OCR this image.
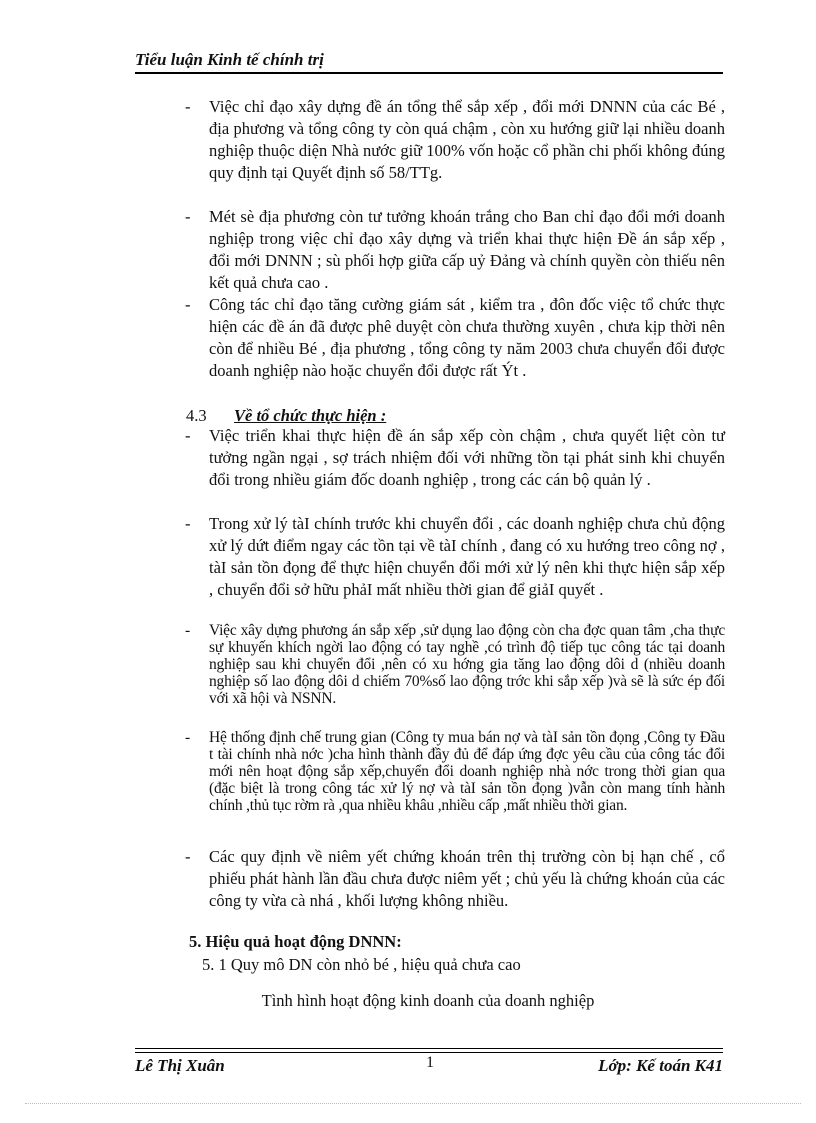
Tiểu luận Kinh tế chính trị
- Việc chỉ đạo xây dựng đề án tổng thể sắp xếp , đổi mới DNNN của các Bé , địa phương và tổng công ty còn quá chậm , còn xu hướng giữ lại nhiều doanh nghiệp thuộc diện Nhà nước giữ 100% vốn hoặc cổ phần chi phối không đúng quy định tại Quyết định số 58/TTg.
- Mét sè địa phương còn tư tưởng khoán trắng cho Ban chỉ đạo đổi mới doanh nghiệp trong việc chỉ đạo xây dựng và triển khai thực hiện Đề án sắp xếp , đổi mới DNNN ; sù phối hợp giữa cấp uỷ Đảng và chính quyền còn thiếu nên kết quả chưa cao .
- Công tác chỉ đạo tăng cường giám sát , kiểm tra , đôn đốc việc tổ chức thực hiện các đề án đã được phê duyệt còn chưa thường xuyên , chưa kịp thời nên còn để nhiều Bé , địa phương , tổng công ty năm 2003 chưa chuyển đổi được doanh nghiệp nào hoặc chuyển đổi được rất Ýt .
4.3 Về tổ chức thực hiện :
- Việc triển khai thực hiện đề án sắp xếp còn chậm , chưa quyết liệt còn tư tưởng ngần ngại , sợ trách nhiệm đối với những tồn tại phát sinh khi chuyển đổi trong nhiều giám đốc doanh nghiệp , trong các cán bộ quản lý .
- Trong xử lý tàI chính trước khi chuyển đổi , các doanh nghiệp chưa chủ động xử lý dứt điểm ngay các tồn tại về tàI chính , đang có xu hướng treo công nợ , tàI sản tồn đọng để thực hiện chuyển đổi mới xử lý nên khi thực hiện sắp xếp , chuyển đổi sở hữu phảI mất nhiều thời gian để giảI quyết .
- Việc xây dựng phương án sắp xếp ,sử dụng lao động còn cha đợc quan tâm ,cha thực sự khuyến khích ngời lao động có tay nghề ,có trình độ tiếp tục công tác tại doanh nghiệp sau khi chuyển đổi ,nên có xu hớng gia tăng lao động dôi d (nhiều doanh nghiệp số lao động dôi d chiếm 70%số lao động trớc khi sắp xếp )và sẽ là sức ép đối với xã hội và NSNN.
- Hệ thống định chế trung gian (Công ty mua bán nợ và tàI sản tồn đọng ,Công ty Đầu t tài chính nhà nớc )cha hình thành đầy đủ để đáp ứng đợc yêu cầu của công tác đổi mới nên hoạt động sắp xếp,chuyển đổi doanh nghiệp nhà nớc trong thời gian qua (đặc biệt là trong công tác xử lý nợ và tàI sản tồn đọng )vẫn còn mang tính hành chính ,thủ tục rờm rà ,qua nhiều khâu ,nhiều cấp ,mất nhiều thời gian.
- Các quy định về niêm yết chứng khoán trên thị trường còn bị hạn chế , cổ phiếu phát hành lần đầu chưa được niêm yết ; chủ yếu là chứng khoán của các công ty vừa cà nhá , khối lượng không nhiều.
5. Hiệu quả hoạt động DNNN:
5. 1 Quy mô DN còn nhỏ bé , hiệu quả chưa cao
Tình hình hoạt động kinh doanh của doanh nghiệp
Lê Thị Xuân	1	Lớp: Kế toán K41
